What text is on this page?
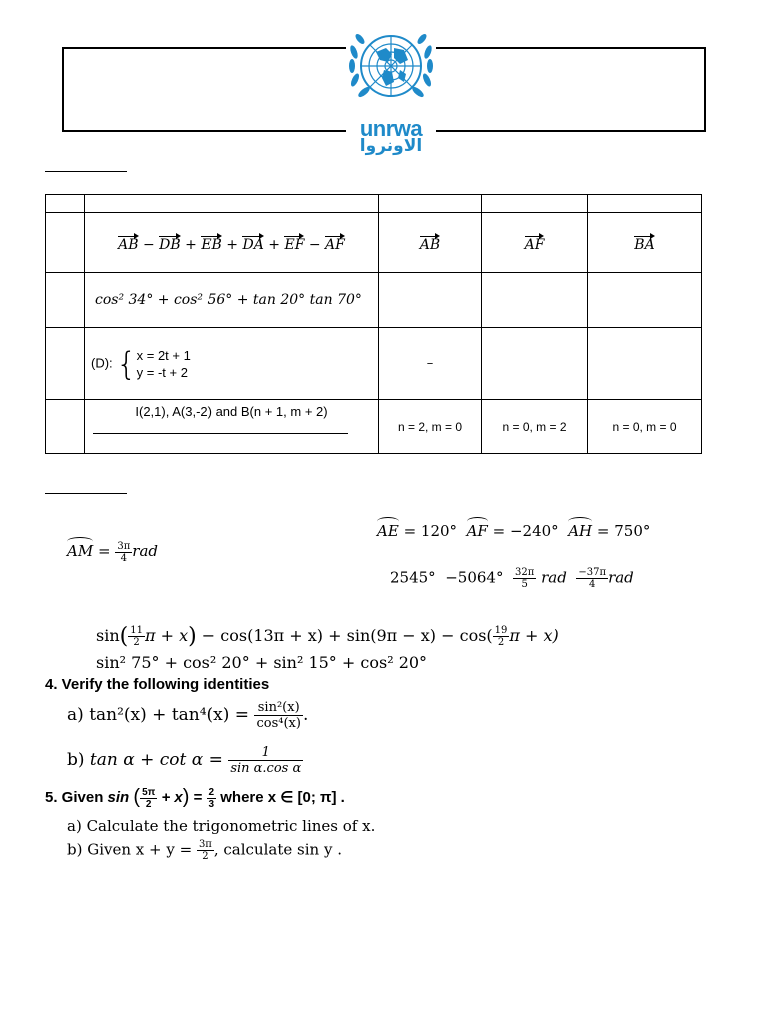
unrwa
الاونروا

	AB − DB + EB + DA + EF − AF	AB	AF	BA
	cos² 34° + cos² 56° + tan 20° tan 70°			
	(D): { x = 2t + 1
y = -t + 2	–		

	I(2,1), A(3,-2) and B(n + 1, m + 2)	n = 2, m = 0	n = 0, m = 2	n = 0, m = 0
AE = 120° AF = −240° AH = 750°
AM = $\frac{3\pi}{4}$ rad
$2545^\circ -5064^\circ \frac{32\pi}{5}$ rad $\frac{-37\pi}{4}$ rad
$\sin( \frac{11}{2}$ $\pi + x) - \cos(13\pi + x) + \sin(9\pi - x) - \cos( \frac{19}{2}$ π + x)
sin² 75° + cos² 20° + sin² 15° + cos² 20°
4. Verify the following identities
a) $\tan^2(x) + \tan^4(x) = \frac{\text{sin²(x)}}{\text{cos⁴(x)}}$ .
b) $\tan \alpha + \cot \alpha = \frac{1}{\text{sin α.cos α}}$
5. Given sin ( $\frac{5\pi}{2} + x) = \frac{2}{3}$ where x ∈ [0; π] .
a) Calculate the trigonometric lines of x.
b) Given $x + y = \frac{3\pi}{2}$ , calculate sin y .
